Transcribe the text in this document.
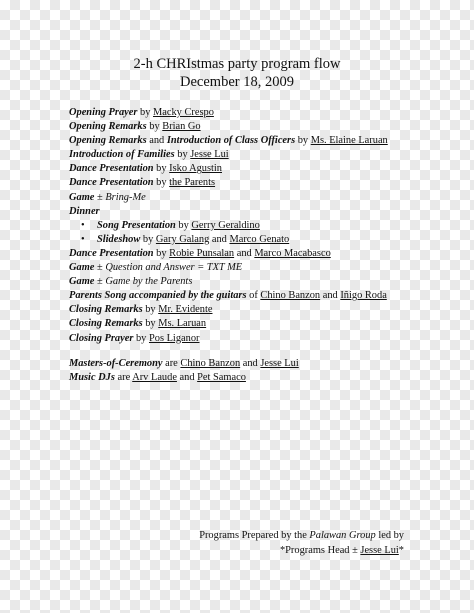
2-h CHRIstmas party program flow
December 18, 2009
Opening Prayer by Macky Crespo
Opening Remarks by Brian Go
Opening Remarks and Introduction of Class Officers by Ms. Elaine Laruan
Introduction of Families by Jesse Lui
Dance Presentation by Isko Agustin
Dance Presentation by the Parents
Game ± Bring-Me
Dinner
• Song Presentation by Gerry Geraldino
• Slideshow by Gary Galang and Marco Genato
Dance Presentation by Robie Punsalan and Marco Macabasco
Game ± Question and Answer = TXT ME
Game ± Game by the Parents
Parents Song accompanied by the guitars of Chino Banzon and Iñigo Roda
Closing Remarks by Mr. Evidente
Closing Remarks by Ms. Laruan
Closing Prayer by Pos Liganor
Masters-of-Ceremony are Chino Banzon and Jesse Lui
Music DJs are Arv Laude and Pet Samaco
Programs Prepared by the Palawan Group led by
*Programs Head ± Jesse Lui*
